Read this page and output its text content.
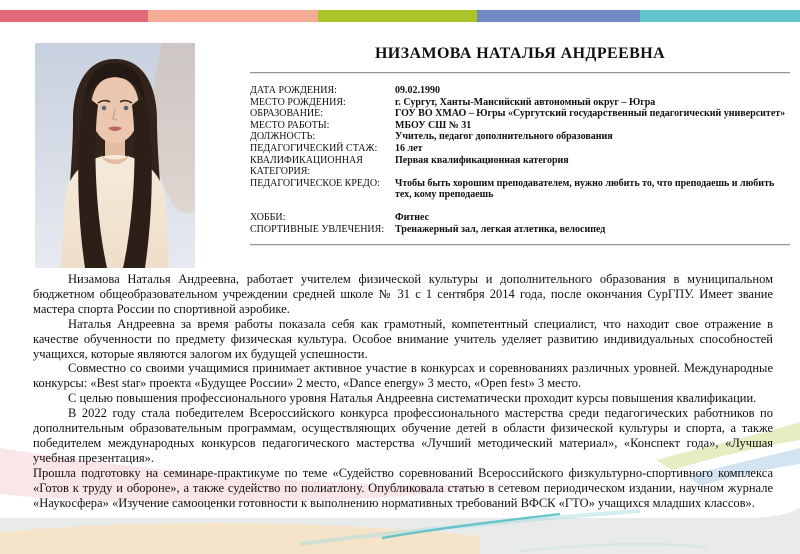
НИЗАМОВА НАТАЛЬЯ АНДРЕЕВНА
ДАТА РОЖДЕНИЯ:	09.02.1990
МЕСТО РОЖДЕНИЯ:	г. Сургут, Ханты-Мансийский автономный округ – Югра
ОБРАЗОВАНИЕ:	ГОУ ВО ХМАО – Югры «Сургутский государственный педагогический университет»
МЕСТО РАБОТЫ:	МБОУ СШ № 31
ДОЛЖНОСТЬ:	Учитель, педагог дополнительного образования
ПЕДАГОГИЧЕСКИЙ СТАЖ:	16 лет
КВАЛИФИКАЦИОННАЯ КАТЕГОРИЯ:
Первая квалификационная категория
ПЕДАГОГИЧЕСКОЕ КРЕДО:	Чтобы быть хорошим преподавателем, нужно любить то, что преподаешь и любить тех, кому преподаешь
ХОББИ:	Фитнес
СПОРТИВНЫЕ УВЛЕЧЕНИЯ:	Тренажерный зал, легкая атлетика, велосипед

Низамова Наталья Андреевна, работает учителем физической культуры и дополнительного образования в муниципальном бюджетном общеобразовательном учреждении средней школе № 31 с 1 сентября 2014 года, после окончания СурГПУ. Имеет звание мастера спорта России по спортивной аэробике.

Наталья Андреевна за время работы показала себя как грамотный, компетентный специалист, что находит свое отражение в качестве обученности по предмету физическая культура. Особое внимание учитель уделяет развитию индивидуальных способностей учащихся, которые являются залогом их будущей успешности.

Совместно со своими учащимися принимает активное участие в конкурсах и соревнованиях различных уровней. Международные конкурсы: «Best star» проекта «Будущее России» 2 место, «Dance energy» 3 место, «Open fest» 3 место.

С целью повышения профессионального уровня Наталья Андреевна систематически проходит курсы повышения квалификации.

В 2022 году стала победителем Всероссийского конкурса профессионального мастерства среди педагогических работников по дополнительным образовательным программам, осуществляющих обучение детей в области физической культуры и спорта, а также победителем международных конкурсов педагогического мастерства «Лучший методический материал», «Конспект года», «Лучшая учебная презентация».

Прошла подготовку на семинаре-практикуме по теме «Судейство соревнований Всероссийского физкультурно-спортивного комплекса «Готов к труду и обороне», а также судейство по полиатлону. Опубликовала статью в сетевом периодическом издании, научном журнале «Наукосфера» «Изучение самооценки готовности к выполнению нормативных требований ВФСК «ГТО» учащихся младших классов».
